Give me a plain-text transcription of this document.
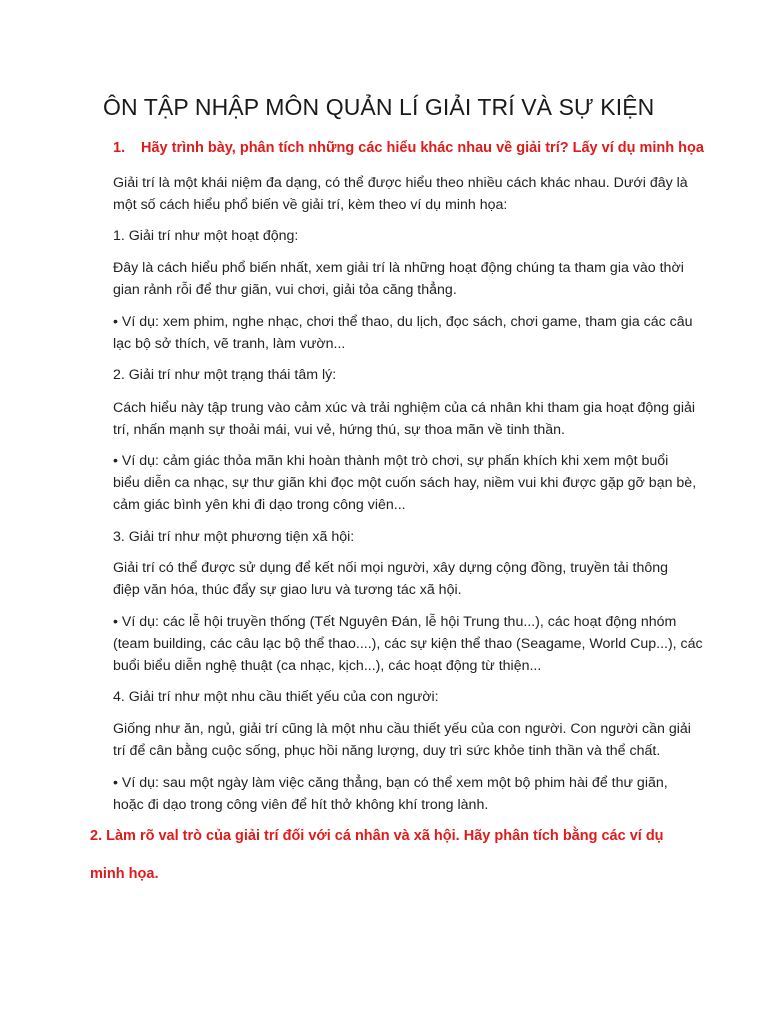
ÔN TẬP NHẬP MÔN QUẢN LÍ GIẢI TRÍ VÀ SỰ KIỆN
1. Hãy trình bày, phân tích những các hiểu khác nhau về giải trí? Lấy ví dụ minh họa
Giải trí là một khái niệm đa dạng, có thể được hiểu theo nhiều cách khác nhau. Dưới đây là
một số cách hiểu phổ biến về giải trí, kèm theo ví dụ minh họa:
1. Giải trí như một hoạt động:
Đây là cách hiểu phổ biến nhất, xem giải trí là những hoạt động chúng ta tham gia vào thời
gian rảnh rỗi để thư giãn, vui chơi, giải tỏa căng thẳng.
• Ví dụ: xem phim, nghe nhạc, chơi thể thao, du lịch, đọc sách, chơi game, tham gia các câu
lạc bộ sở thích, vẽ tranh, làm vườn...
2. Giải trí như một trạng thái tâm lý:
Cách hiểu này tập trung vào cảm xúc và trải nghiệm của cá nhân khi tham gia hoạt động giải
trí, nhấn mạnh sự thoải mái, vui vẻ, hứng thú, sự thoa mãn về tinh thần.
• Ví dụ: cảm giác thỏa mãn khi hoàn thành một trò chơi, sự phấn khích khi xem một buổi
biểu diễn ca nhạc, sự thư giãn khi đọc một cuốn sách hay, niềm vui khi được gặp gỡ bạn bè,
cảm giác bình yên khi đi dạo trong công viên...
3. Giải trí như một phương tiện xã hội:
Giải trí có thể được sử dụng để kết nối mọi người, xây dựng cộng đồng, truyền tải thông
điệp văn hóa, thúc đẩy sự giao lưu và tương tác xã hội.
• Ví dụ: các lễ hội truyền thống (Tết Nguyên Đán, lễ hội Trung thu...), các hoạt động nhóm
(team building, các câu lạc bộ thể thao....), các sự kiện thể thao (Seagame, World Cup...), các
buổi biểu diễn nghệ thuật (ca nhạc, kịch...), các hoạt động từ thiện...
4. Giải trí như một nhu cầu thiết yếu của con người:
Giống như ăn, ngủ, giải trí cũng là một nhu cầu thiết yếu của con người. Con người cần giải
trí để cân bằng cuộc sống, phục hồi năng lượng, duy trì sức khỏe tinh thần và thể chất.
• Ví dụ: sau một ngày làm việc căng thẳng, bạn có thể xem một bộ phim hài để thư giãn,
hoặc đi dạo trong công viên để hít thở không khí trong lành.
2. Làm rõ val trò của giải trí đối với cá nhân và xã hội. Hãy phân tích bằng các ví dụ
minh họa.
